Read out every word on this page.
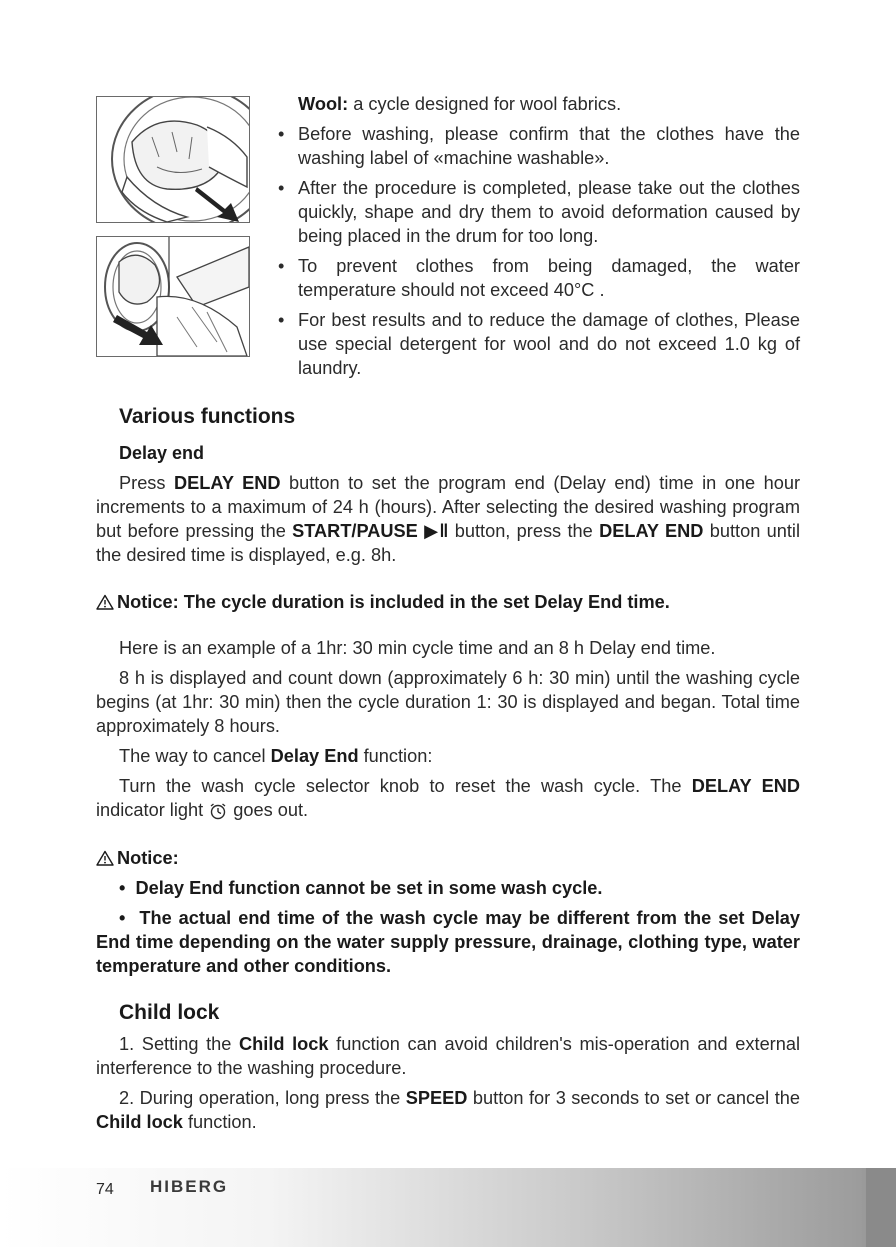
Wool: a cycle designed for wool fabrics.

• Before washing, please confirm that the clothes have the washing label of «machine washable».
• After the procedure is completed, please take out the clothes quickly, shape and dry them to avoid deformation caused by being placed in the drum for too long.
• To prevent clothes from being damaged, the water temperature should not exceed 40°C .
• For best results and to reduce the damage of clothes, Please use special detergent for wool and do not exceed 1.0 kg of laundry.
Various functions
Delay end

Press DELAY END button to set the program end (Delay end) time in one hour increments to a maximum of 24 h (hours). After selecting the desired washing program but before pressing the START/PAUSE ▶‖ button, press the DELAY END button until the desired time is displayed, e.g. 8h.

Notice: The cycle duration is included in the set Delay End time.

Here is an example of a 1hr: 30 min cycle time and an 8 h Delay end time.

8 h is displayed and count down (approximately 6 h: 30 min) until the washing cycle begins (at 1hr: 30 min) then the cycle duration 1: 30 is displayed and began. Total time approximately 8 hours.

The way to cancel Delay End function:

Turn the wash cycle selector knob to reset the wash cycle. The DELAY END indicator light  goes out.

Notice:

• Delay End function cannot be set in some wash cycle.

• The actual end time of the wash cycle may be different from the set Delay End time depending on the water supply pressure, drainage, clothing type, water temperature and other conditions.

Child lock

1. Setting the Child lock function can avoid children's mis-operation and external interference to the washing procedure.

2. During operation, long press the SPEED button for 3 seconds to set or cancel the Child lock function.

74 HIBERG
